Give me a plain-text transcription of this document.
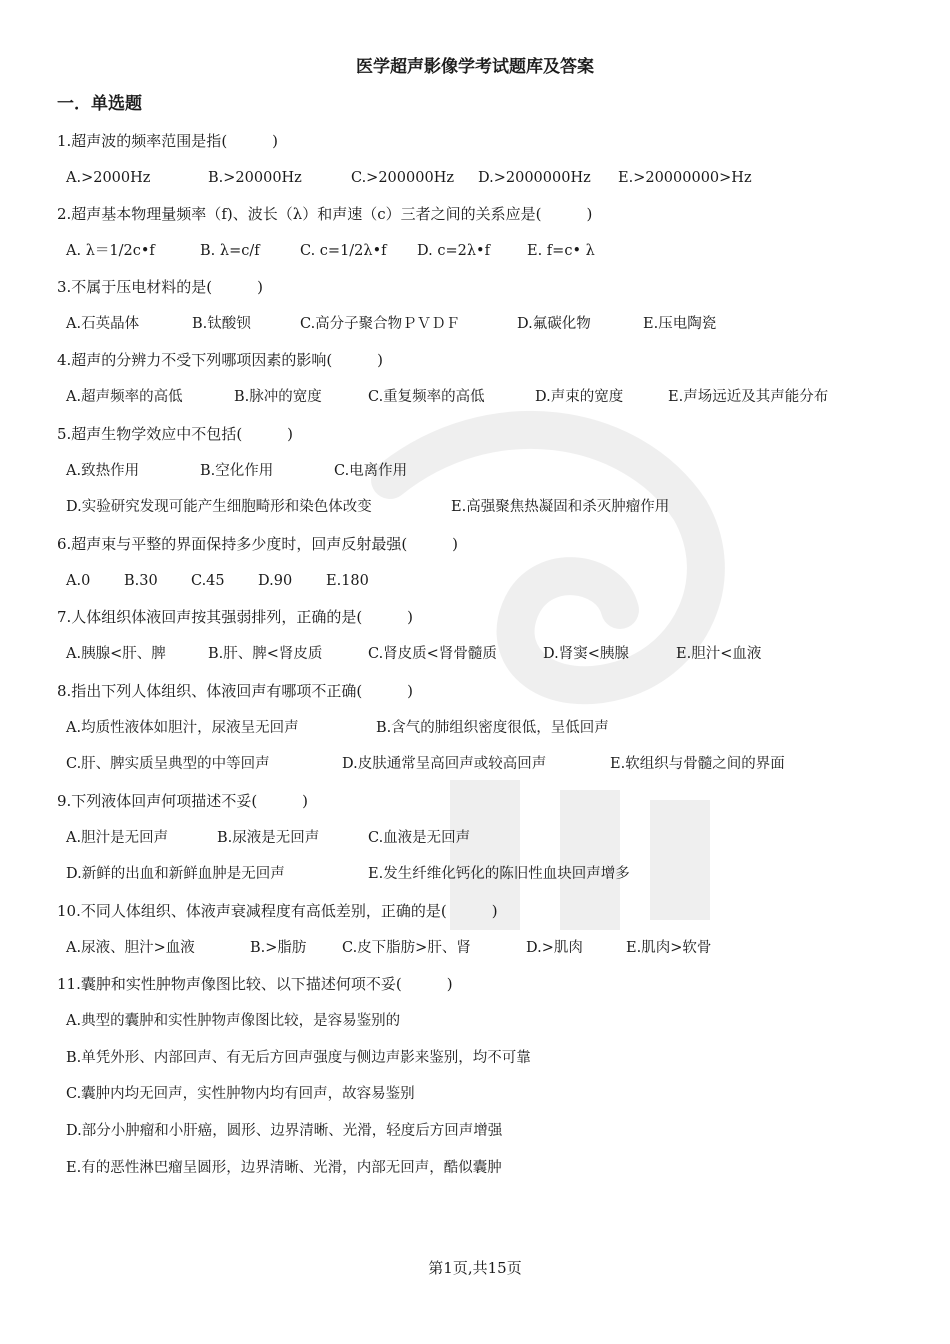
医学超声影像学考试题库及答案
一．单选题
1.超声波的频率范围是指(　　　)
A.>2000Hz	B.>20000Hz	C.>200000Hz D.>2000000Hz E.>20000000>Hz
2.超声基本物理量频率（f)、波长（λ）和声速（c）三者之间的关系应是(　　　)
A. λ＝1/2c•f	B. λ=c/f	C. c=1/2λ•f D. c=2λ•f	E. f=c• λ
3.不属于压电材料的是(　　　)
A.石英晶体	B.钛酸钡	C.高分子聚合物ＰＶＤＦ	D.氟碳化物	E.压电陶瓷
4.超声的分辨力不受下列哪项因素的影响(　　　)
A.超声频率的高低	B.脉冲的宽度	C.重复频率的高低	D.声束的宽度	E.声场远近及其声能分布
5.超声生物学效应中不包括(　　　)
A.致热作用	B.空化作用	C.电离作用
D.实验研究发现可能产生细胞畸形和染色体改变	E.高强聚焦热凝固和杀灭肿瘤作用
6.超声束与平整的界面保持多少度时，回声反射最强(　　　)
A.0 B.30 C.45 D.90 E.180
7.人体组织体液回声按其强弱排列，正确的是(　　　)
A.胰腺<肝、脾	B.肝、脾<肾皮质	C.肾皮质<肾骨髓质	D.肾窦<胰腺	E.胆汁<血液
8.指出下列人体组织、体液回声有哪项不正确(　　　)
A.均质性液体如胆汁，尿液呈无回声	B.含气的肺组织密度很低，呈低回声
C.肝、脾实质呈典型的中等回声	D.皮肤通常呈高回声或较高回声	E.软组织与骨髓之间的界面
9.下列液体回声何项描述不妥(　　　)
A.胆汁是无回声	B.尿液是无回声	C.血液是无回声
D.新鲜的出血和新鲜血肿是无回声	E.发生纤维化钙化的陈旧性血块回声增多
10.不同人体组织、体液声衰减程度有高低差别，正确的是(　　　)
A.尿液、胆汁>血液	B.>脂肪 C.皮下脂肪>肝、肾	D.>肌肉	E.肌肉>软骨
11.囊肿和实性肿物声像图比较、以下描述何项不妥(　　　)
A.典型的囊肿和实性肿物声像图比较，是容易鉴别的
B.单凭外形、内部回声、有无后方回声强度与侧边声影来鉴别，均不可靠
C.囊肿内均无回声，实性肿物内均有回声，故容易鉴别
D.部分小肿瘤和小肝癌，圆形、边界清晰、光滑，轻度后方回声增强
E.有的恶性淋巴瘤呈圆形，边界清晰、光滑，内部无回声，酷似囊肿
第1页,共15页
